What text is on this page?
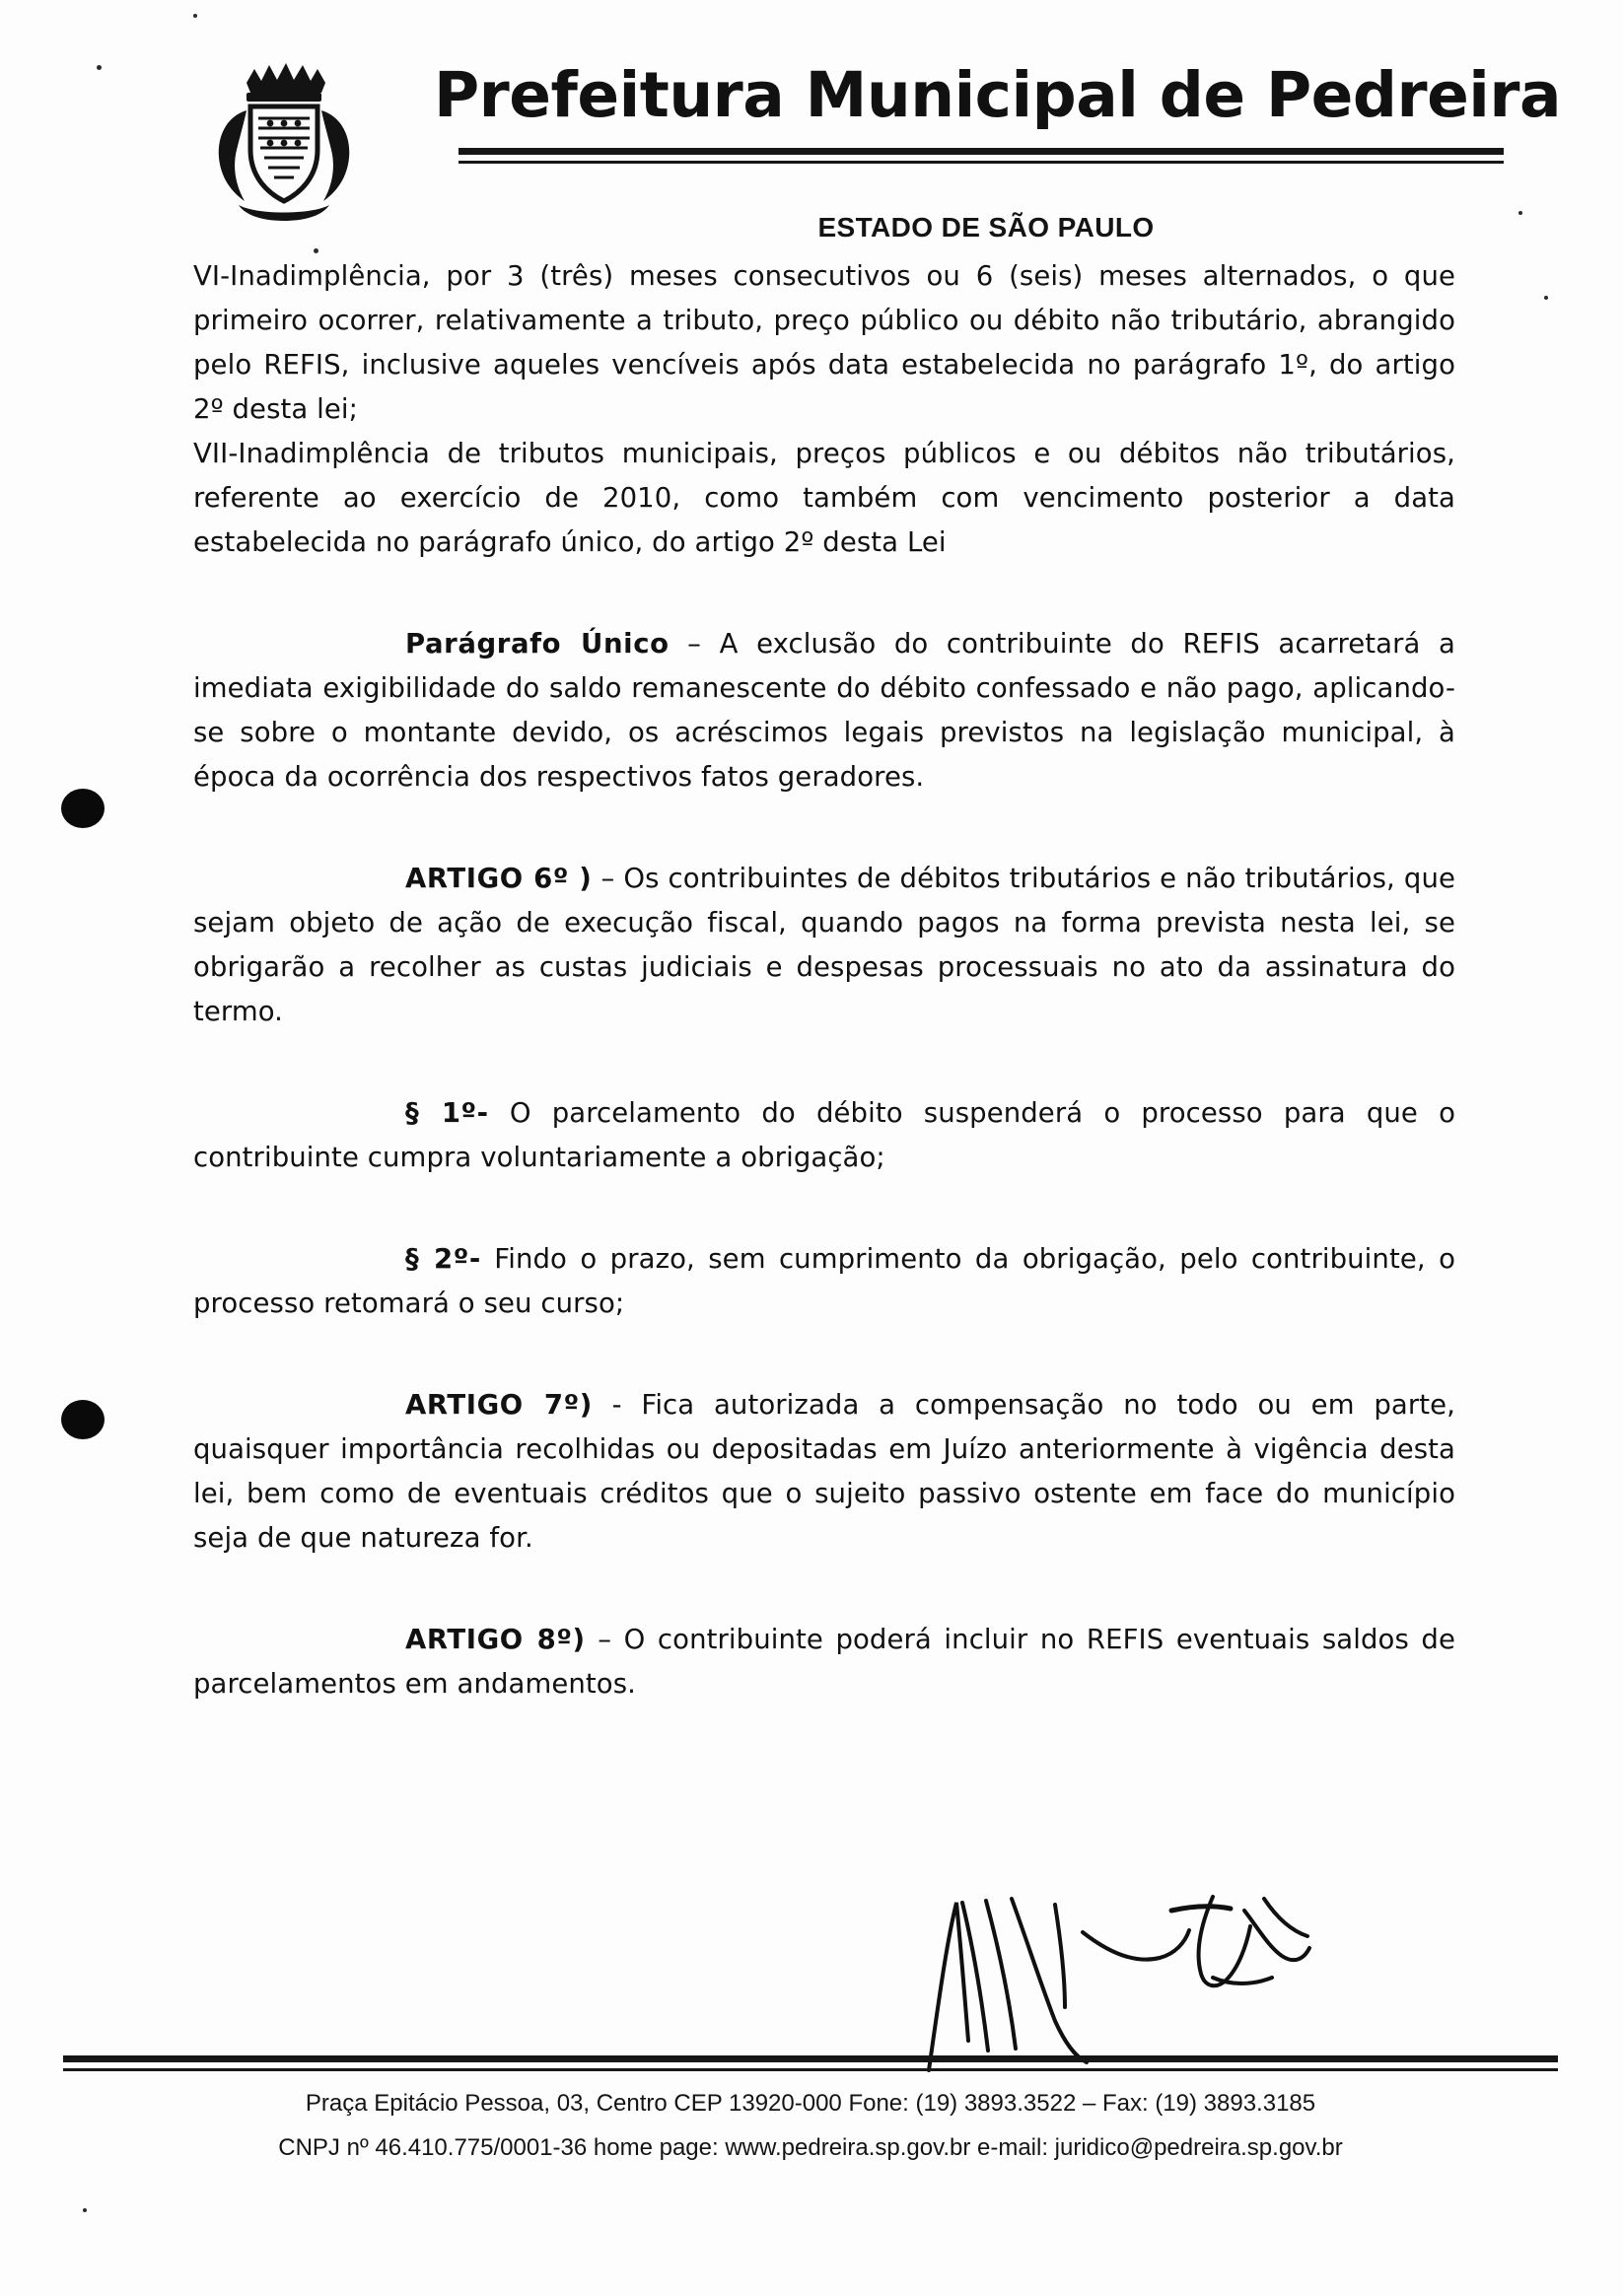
Prefeitura Municipal de Pedreira
ESTADO DE SÃO PAULO

VI-Inadimplência, por 3 (três) meses consecutivos ou 6 (seis) meses alternados, o que primeiro ocorrer, relativamente a tributo, preço público ou débito não tributário, abrangido pelo REFIS, inclusive aqueles vencíveis após data estabelecida no parágrafo 1º, do artigo 2º desta lei;

VII-Inadimplência de tributos municipais, preços públicos e ou débitos não tributários, referente ao exercício de 2010, como também com vencimento posterior a data estabelecida no parágrafo único, do artigo 2º desta Lei

Parágrafo Único – A exclusão do contribuinte do REFIS acarretará a imediata exigibilidade do saldo remanescente do débito confessado e não pago, aplicando-se sobre o montante devido, os acréscimos legais previstos na legislação municipal, à época da ocorrência dos respectivos fatos geradores.

ARTIGO 6º ) – Os contribuintes de débitos tributários e não tributários, que sejam objeto de ação de execução fiscal, quando pagos na forma prevista nesta lei, se obrigarão a recolher as custas judiciais e despesas processuais no ato da assinatura do termo.

§ 1º- O parcelamento do débito suspenderá o processo para que o contribuinte cumpra voluntariamente a obrigação;

§ 2º- Findo o prazo, sem cumprimento da obrigação, pelo contribuinte, o processo retomará o seu curso;

ARTIGO 7º) - Fica autorizada a compensação no todo ou em parte, quaisquer importância recolhidas ou depositadas em Juízo anteriormente à vigência desta lei, bem como de eventuais créditos que o sujeito passivo ostente em face do município seja de que natureza for.

ARTIGO 8º) – O contribuinte poderá incluir no REFIS eventuais saldos de parcelamentos em andamentos.

Praça Epitácio Pessoa, 03, Centro CEP 13920-000 Fone: (19) 3893.3522 – Fax: (19) 3893.3185
CNPJ nº 46.410.775/0001-36 home page: www.pedreira.sp.gov.br e-mail: juridico@pedreira.sp.gov.br
